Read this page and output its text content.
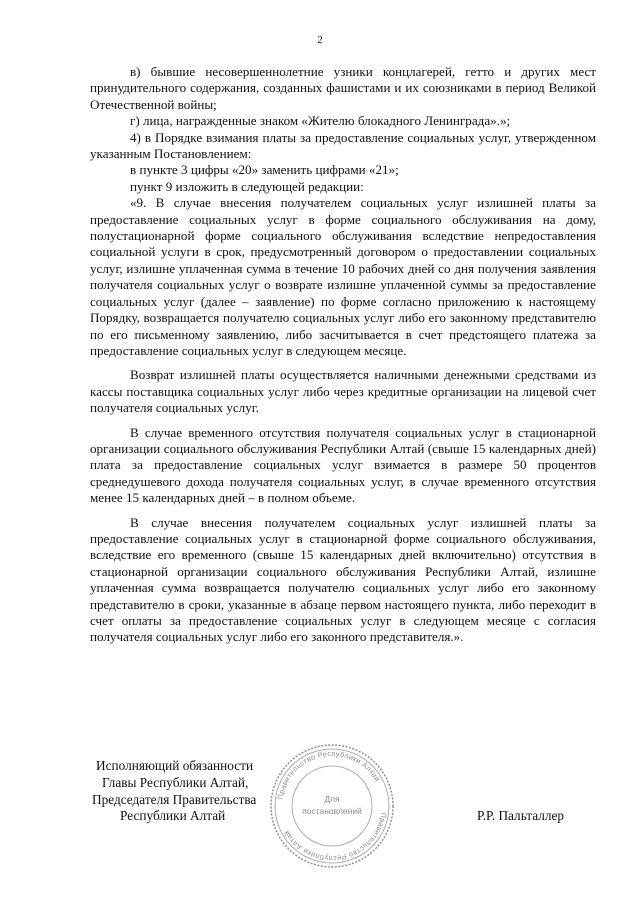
2

в) бывшие несовершеннолетние узники концлагерей, гетто и других мест принудительного содержания, созданных фашистами и их союзниками в период Великой Отечественной войны;

г) лица, награжденные знаком «Жителю блокадного Ленинграда».»;

4) в Порядке взимания платы за предоставление социальных услуг, утвержденном указанным Постановлением:

в пункте 3 цифры «20» заменить цифрами «21»;

пункт 9 изложить в следующей редакции:

«9. В случае внесения получателем социальных услуг излишней платы за предоставление социальных услуг в форме социального обслуживания на дому, полустационарной форме социального обслуживания вследствие непредоставления социальной услуги в срок, предусмотренный договором о предоставлении социальных услуг, излишне уплаченная сумма в течение 10 рабочих дней со дня получения заявления получателя социальных услуг о возврате излишне уплаченной суммы за предоставление социальных услуг (далее – заявление) по форме согласно приложению к настоящему Порядку, возвращается получателю социальных услуг либо его законному представителю по его письменному заявлению, либо засчитывается в счет предстоящего платежа за предоставление социальных услуг в следующем месяце.

Возврат излишней платы осуществляется наличными денежными средствами из кассы поставщика социальных услуг либо через кредитные организации на лицевой счет получателя социальных услуг.

В случае временного отсутствия получателя социальных услуг в стационарной организации социального обслуживания Республики Алтай (свыше 15 календарных дней) плата за предоставление социальных услуг взимается в размере 50 процентов среднедушевого дохода получателя социальных услуг, в случае временного отсутствия менее 15 календарных дней – в полном объеме.

В случае внесения получателем социальных услуг излишней платы за предоставление социальных услуг в стационарной форме социального обслуживания, вследствие его временного (свыше 15 календарных дней включительно) отсутствия в стационарной организации социального обслуживания Республики Алтай, излишне уплаченная сумма возвращается получателю социальных услуг либо его законному представителю в сроки, указанные в абзаце первом настоящего пункта, либо переходит в счет оплаты за предоставление социальных услуг в следующем месяце с согласия получателя социальных услуг либо его законного представителя.».

Исполняющий обязанности
Главы Республики Алтай,
Председателя Правительства
Республики Алтай	Р.Р. Пальталлер
Правительство Республики Алтай
Правительство Республики Алтай
Для
постановлений
